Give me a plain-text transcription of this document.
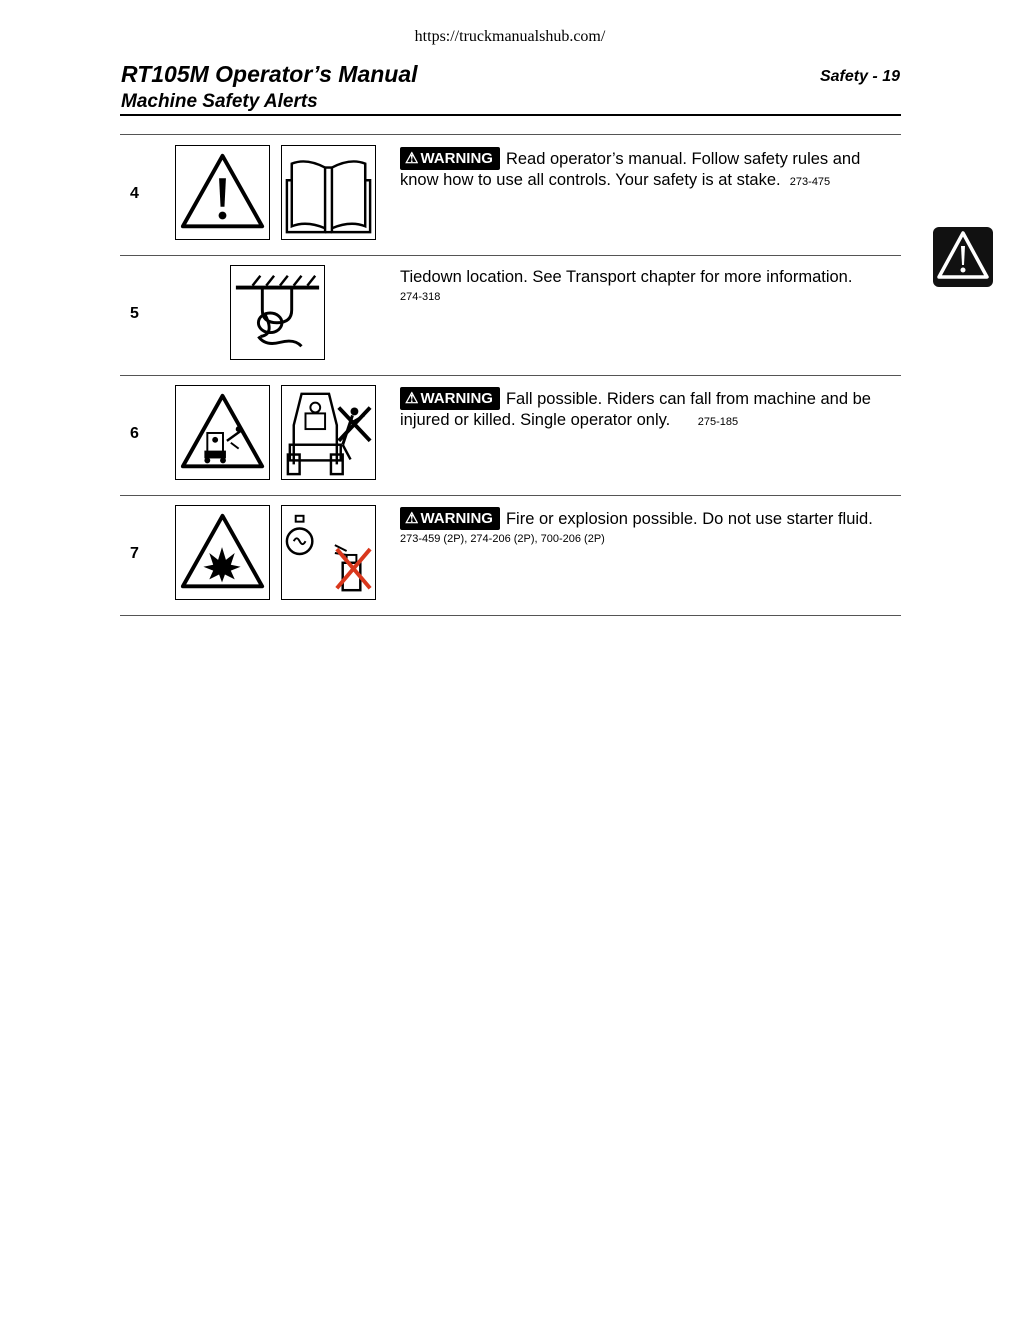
https://truckmanualshub.com/
RT105M Operator’s Manual
Machine Safety Alerts
Safety - 19
4
⚠ WARNING Read operator’s manual. Follow safety rules and know how to use all controls. Your safety is at stake. 273-475
5
Tiedown location. See Transport chapter for more information.
274-318
6
⚠ WARNING Fall possible. Riders can fall from machine and be injured or killed. Single operator only.	275-185
7
⚠ WARNING Fire or explosion possible. Do not use starter fluid.
273-459 (2P), 274-206 (2P), 700-206 (2P)
